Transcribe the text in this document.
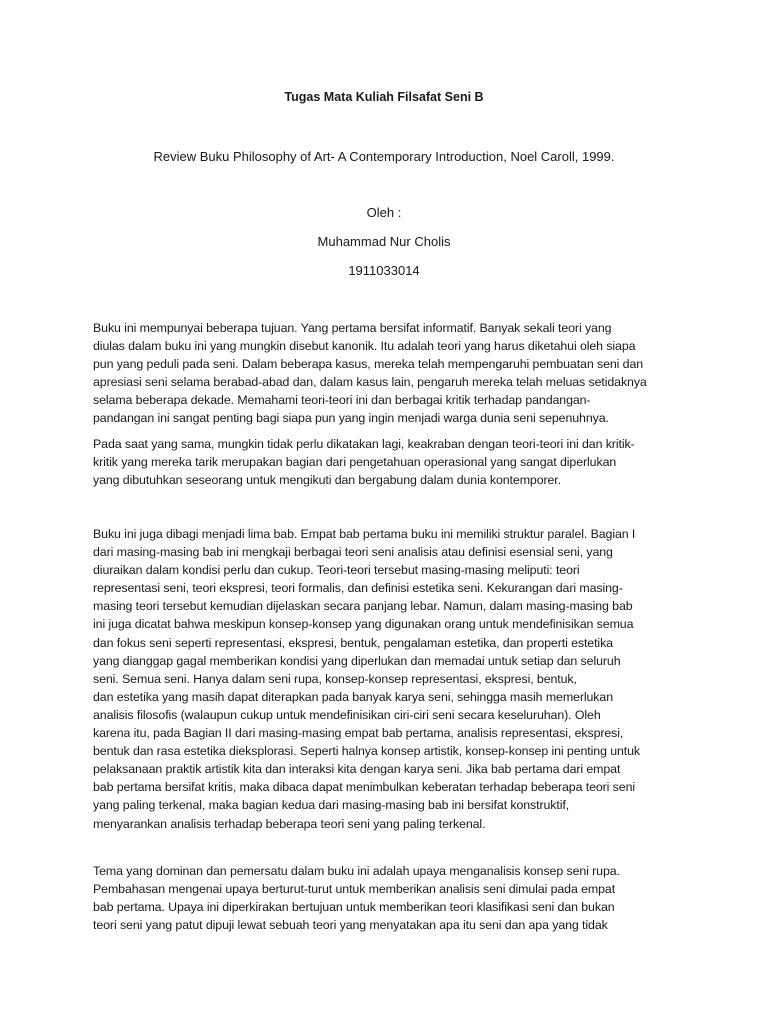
Tugas Mata Kuliah Filsafat Seni B
Review Buku Philosophy of Art- A Contemporary Introduction, Noel Caroll, 1999.
Oleh :
Muhammad Nur Cholis
1911033014

Buku ini mempunyai beberapa tujuan. Yang pertama bersifat informatif. Banyak sekali teori yang
diulas dalam buku ini yang mungkin disebut kanonik. Itu adalah teori yang harus diketahui oleh siapa
pun yang peduli pada seni. Dalam beberapa kasus, mereka telah mempengaruhi pembuatan seni dan
apresiasi seni selama berabad-abad dan, dalam kasus lain, pengaruh mereka telah meluas setidaknya
selama beberapa dekade. Memahami teori-teori ini dan berbagai kritik terhadap pandangan-
pandangan ini sangat penting bagi siapa pun yang ingin menjadi warga dunia seni sepenuhnya.

Pada saat yang sama, mungkin tidak perlu dikatakan lagi, keakraban dengan teori-teori ini dan kritik-
kritik yang mereka tarik merupakan bagian dari pengetahuan operasional yang sangat diperlukan
yang dibutuhkan seseorang untuk mengikuti dan bergabung dalam dunia kontemporer.

Buku ini juga dibagi menjadi lima bab. Empat bab pertama buku ini memiliki struktur paralel. Bagian I
dari masing-masing bab ini mengkaji berbagai teori seni analisis atau definisi esensial seni, yang
diuraikan dalam kondisi perlu dan cukup. Teori-teori tersebut masing-masing meliputi: teori
representasi seni, teori ekspresi, teori formalis, dan definisi estetika seni. Kekurangan dari masing-
masing teori tersebut kemudian dijelaskan secara panjang lebar. Namun, dalam masing-masing bab
ini juga dicatat bahwa meskipun konsep-konsep yang digunakan orang untuk mendefinisikan semua
dan fokus seni seperti representasi, ekspresi, bentuk, pengalaman estetika, dan properti estetika
yang dianggap gagal memberikan kondisi yang diperlukan dan memadai untuk setiap dan seluruh
seni. Semua seni. Hanya dalam seni rupa, konsep-konsep representasi, ekspresi, bentuk,
dan estetika yang masih dapat diterapkan pada banyak karya seni, sehingga masih memerlukan
analisis filosofis (walaupun cukup untuk mendefinisikan ciri-ciri seni secara keseluruhan). Oleh
karena itu, pada Bagian II dari masing-masing empat bab pertama, analisis representasi, ekspresi,
bentuk dan rasa estetika dieksplorasi. Seperti halnya konsep artistik, konsep-konsep ini penting untuk
pelaksanaan praktik artistik kita dan interaksi kita dengan karya seni. Jika bab pertama dari empat
bab pertama bersifat kritis, maka dibaca dapat menimbulkan keberatan terhadap beberapa teori seni
yang paling terkenal, maka bagian kedua dari masing-masing bab ini bersifat konstruktif,
menyarankan analisis terhadap beberapa teori seni yang paling terkenal.

Tema yang dominan dan pemersatu dalam buku ini adalah upaya menganalisis konsep seni rupa.
Pembahasan mengenai upaya berturut-turut untuk memberikan analisis seni dimulai pada empat
bab pertama. Upaya ini diperkirakan bertujuan untuk memberikan teori klasifikasi seni dan bukan
teori seni yang patut dipuji lewat sebuah teori yang menyatakan apa itu seni dan apa yang tidak
